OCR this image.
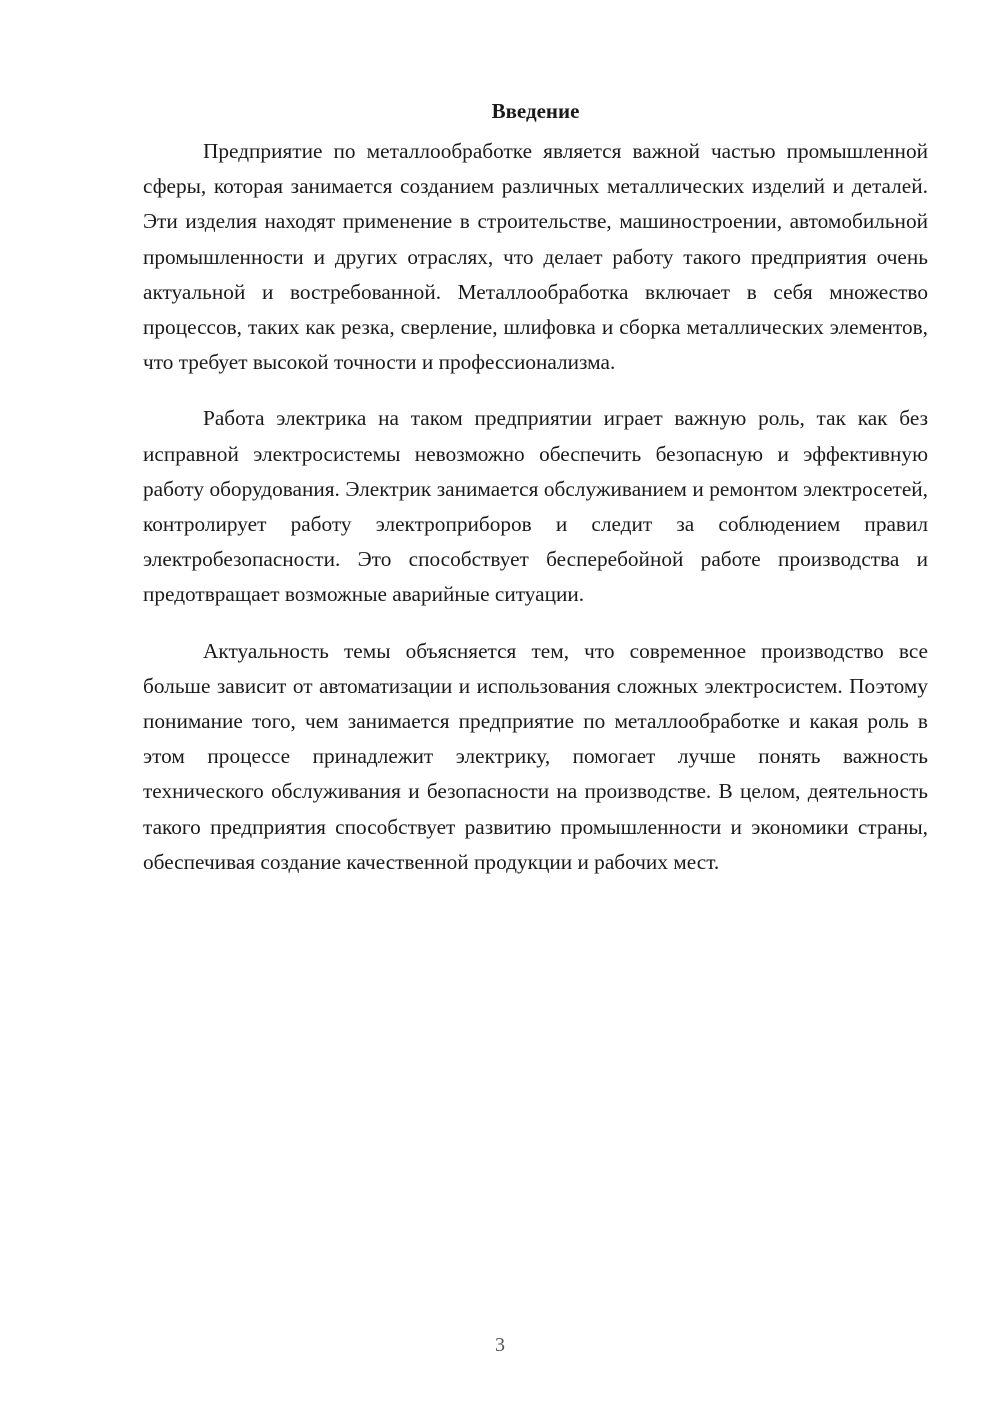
Введение

Предприятие по металлообработке является важной частью промышленной сферы, которая занимается созданием различных металлических изделий и деталей. Эти изделия находят применение в строительстве, машиностроении, автомобильной промышленности и других отраслях, что делает работу такого предприятия очень актуальной и востребованной. Металлообработка включает в себя множество процессов, таких как резка, сверление, шлифовка и сборка металлических элементов, что требует высокой точности и профессионализма.

Работа электрика на таком предприятии играет важную роль, так как без исправной электросистемы невозможно обеспечить безопасную и эффективную работу оборудования. Электрик занимается обслуживанием и ремонтом электросетей, контролирует работу электроприборов и следит за соблюдением правил электробезопасности. Это способствует бесперебойной работе производства и предотвращает возможные аварийные ситуации.

Актуальность темы объясняется тем, что современное производство все больше зависит от автоматизации и использования сложных электросистем. Поэтому понимание того, чем занимается предприятие по металлообработке и какая роль в этом процессе принадлежит электрику, помогает лучше понять важность технического обслуживания и безопасности на производстве. В целом, деятельность такого предприятия способствует развитию промышленности и экономики страны, обеспечивая создание качественной продукции и рабочих мест.

3
